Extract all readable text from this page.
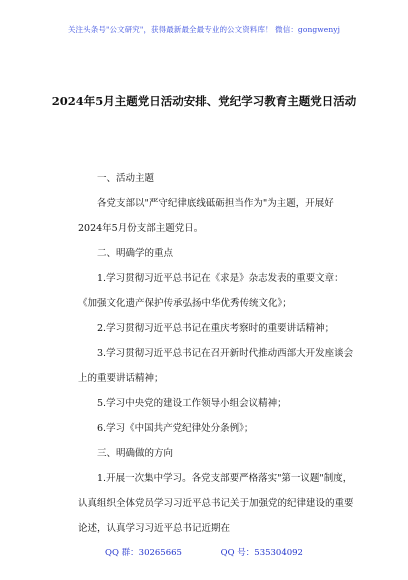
关注头条号"公文研究"，获得最新最全最专业的公文资料库！ 微信：gongwenyj
2024年5月主题党日活动安排、党纪学习教育主题党日活动

一、活动主题

各党支部以"严守纪律底线砥砺担当作为"为主题，开展好2024年5月份支部主题党日。

二、明确学的重点

1.学习贯彻习近平总书记在《求是》杂志发表的重要文章：《加强文化遗产保护传承弘扬中华优秀传统文化》；

2.学习贯彻习近平总书记在重庆考察时的重要讲话精神；

3.学习贯彻习近平总书记在召开新时代推动西部大开发座谈会上的重要讲话精神；

5.学习中央党的建设工作领导小组会议精神；

6.学习《中国共产党纪律处分条例》；

三、明确做的方向

1.开展一次集中学习。各党支部要严格落实"第一议题"制度，认真组织全体党员学习习近平总书记关于加强党的纪律建设的重要论述，认真学习习近平总书记近期在

QQ 群：30265665	QQ 号：535304092
